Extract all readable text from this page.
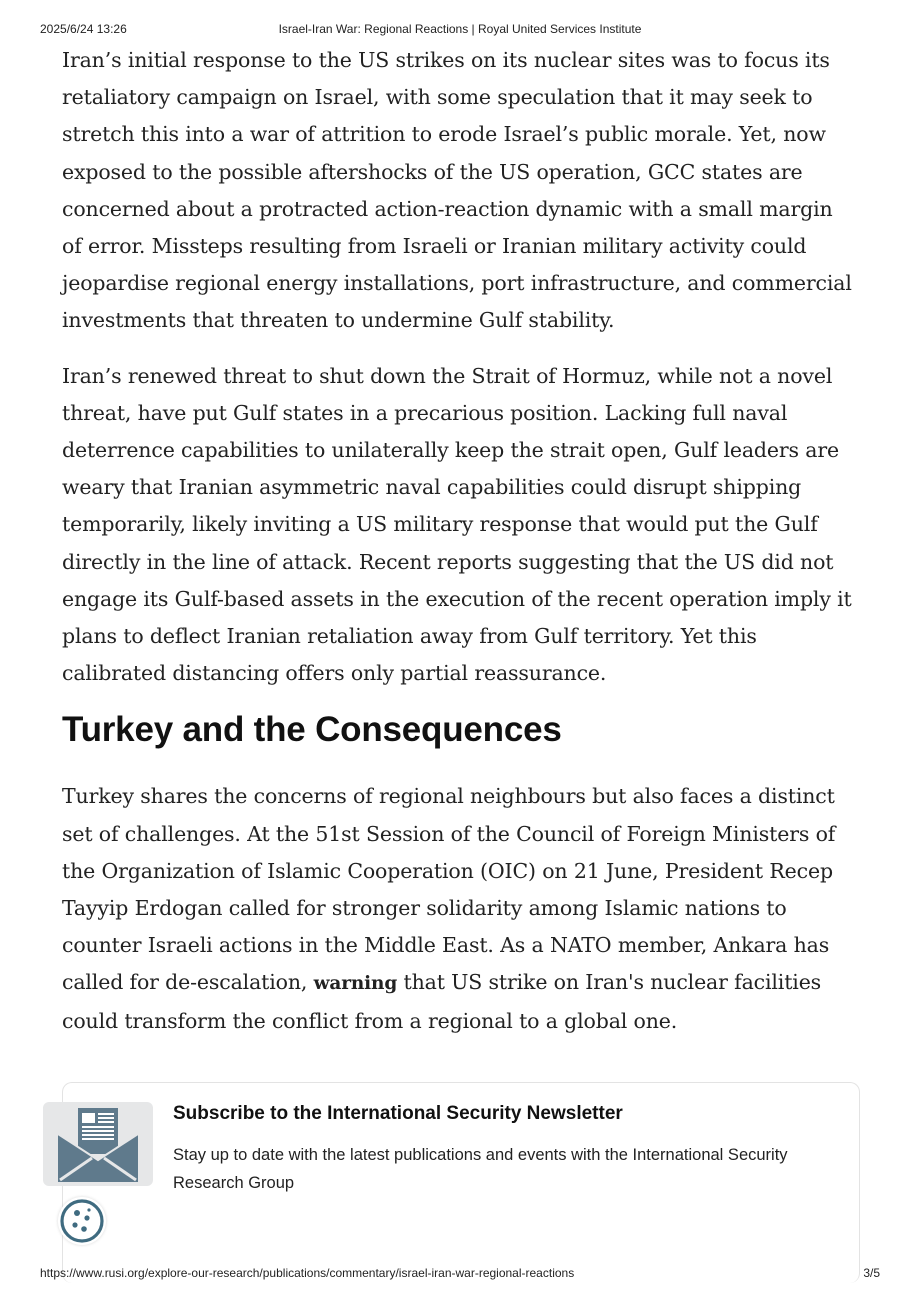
2025/6/24 13:26	Israel-Iran War: Regional Reactions | Royal United Services Institute

Iran’s initial response to the US strikes on its nuclear sites was to focus its
retaliatory campaign on Israel, with some speculation that it may seek to
stretch this into a war of attrition to erode Israel’s public morale. Yet, now
exposed to the possible aftershocks of the US operation, GCC states are
concerned about a protracted action-reaction dynamic with a small margin
of error. Missteps resulting from Israeli or Iranian military activity could
jeopardise regional energy installations, port infrastructure, and commercial
investments that threaten to undermine Gulf stability.

Iran’s renewed threat to shut down the Strait of Hormuz, while not a novel
threat, have put Gulf states in a precarious position. Lacking full naval
deterrence capabilities to unilaterally keep the strait open, Gulf leaders are
weary that Iranian asymmetric naval capabilities could disrupt shipping
temporarily, likely inviting a US military response that would put the Gulf
directly in the line of attack. Recent reports suggesting that the US did not
engage its Gulf-based assets in the execution of the recent operation imply it
plans to deflect Iranian retaliation away from Gulf territory. Yet this
calibrated distancing offers only partial reassurance.

Turkey and the Consequences

Turkey shares the concerns of regional neighbours but also faces a distinct
set of challenges. At the 51st Session of the Council of Foreign Ministers of
the Organization of Islamic Cooperation (OIC) on 21 June, President Recep
Tayyip Erdogan called for stronger solidarity among Islamic nations to
counter Israeli actions in the Middle East. As a NATO member, Ankara has
called for de-escalation, warning that US strike on Iran's nuclear facilities
could transform the conflict from a regional to a global one.

Subscribe to the International Security Newsletter
Stay up to date with the latest publications and events with the International Security Research Group
https://www.rusi.org/explore-our-research/publications/commentary/israel-iran-war-regional-reactions	3/5
